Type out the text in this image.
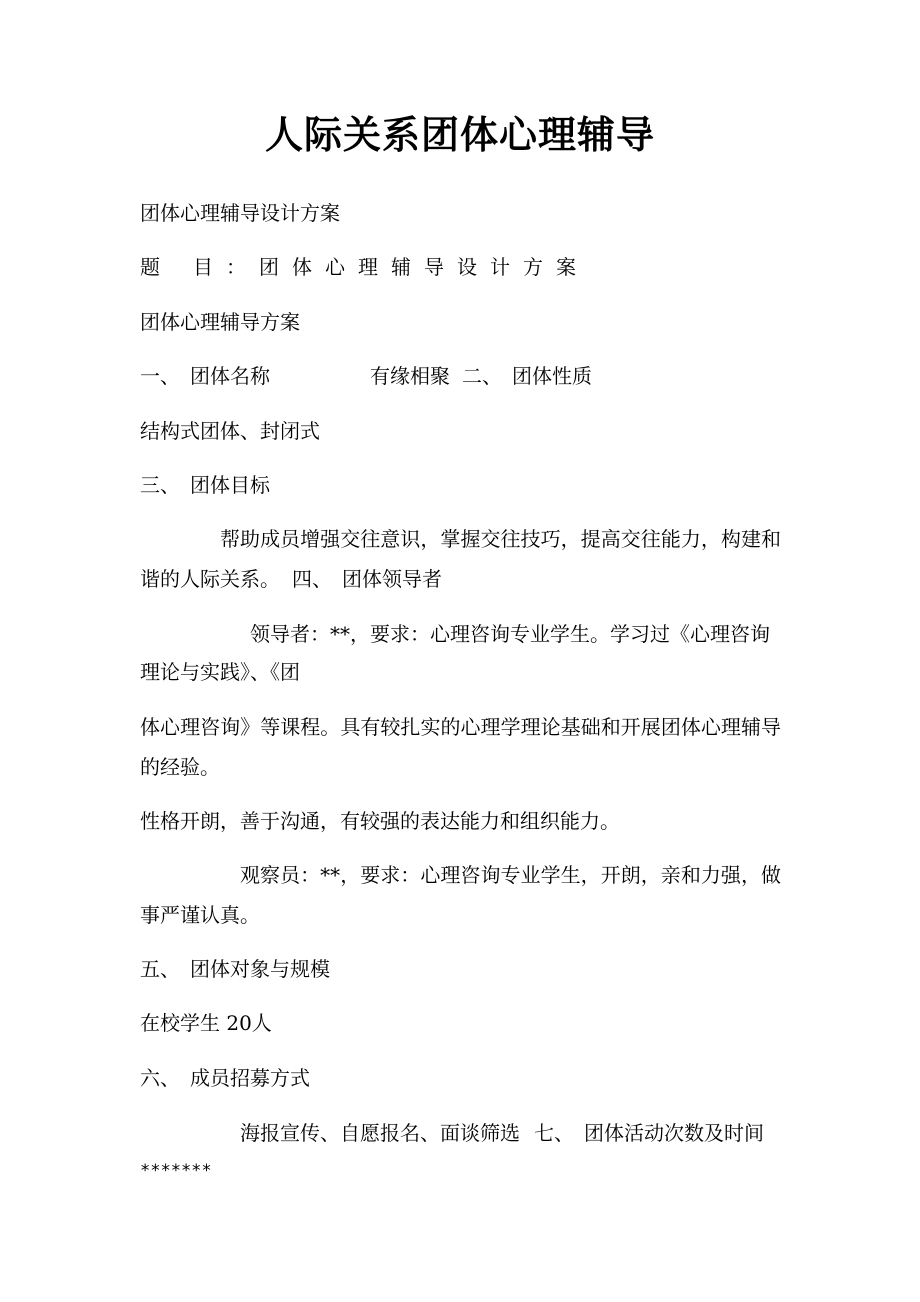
人际关系团体心理辅导
团体心理辅导设计方案
题 目：团体心理辅导设计方案
团体心理辅导方案
一、 团体名称	有缘相聚 二、 团体性质
结构式团体、封闭式
三、 团体目标
帮助成员增强交往意识，掌握交往技巧，提高交往能力，构建和谐的人际关系。 四、 团体领导者
领导者：**，要求：心理咨询专业学生。学习过《心理咨询
理论与实践》、《团
体心理咨询》等课程。具有较扎实的心理学理论基础和开展团体心理辅导的经验。
性格开朗，善于沟通，有较强的表达能力和组织能力。
观察员：**，要求：心理咨询专业学生，开朗，亲和力强，做事严谨认真。
五、 团体对象与规模
在校学生 20人
六、 成员招募方式
海报宣传、自愿报名、面谈筛选 七、 团体活动次数及时间
*******
